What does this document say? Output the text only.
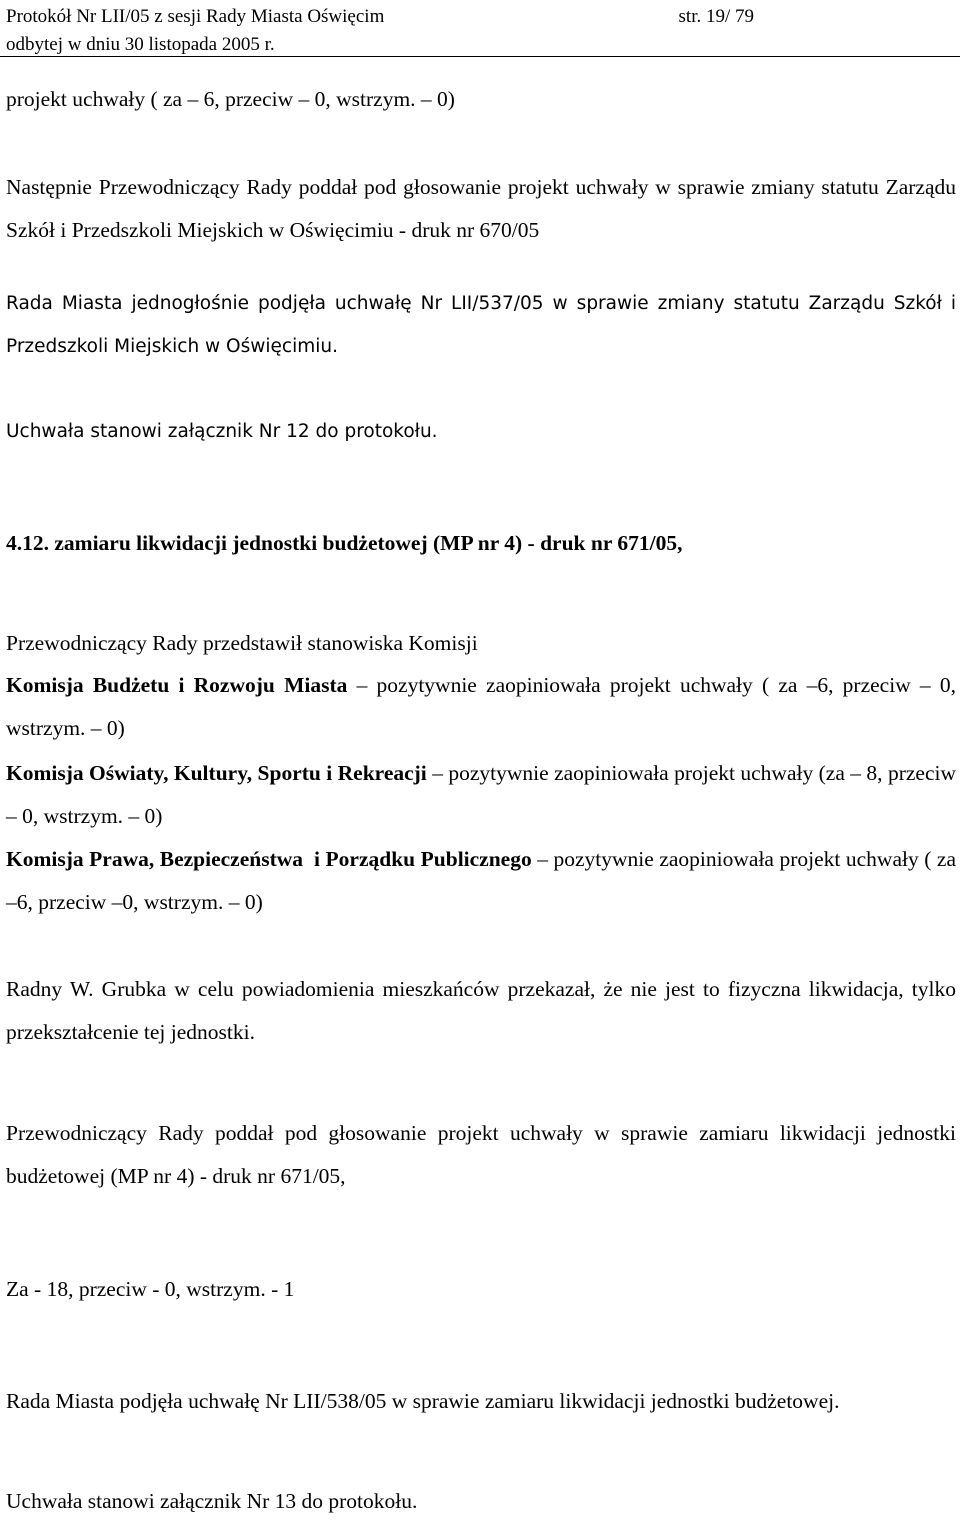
Protokół Nr LII/05 z sesji Rady Miasta Oświęcim	str. 19/ 79
odbytej w dniu 30 listopada 2005 r.
projekt uchwały ( za – 6, przeciw – 0, wstrzym. – 0)
Następnie Przewodniczący Rady poddał pod głosowanie projekt uchwały w sprawie zmiany statutu Zarządu Szkół i Przedszkoli Miejskich w Oświęcimiu - druk nr 670/05
Rada Miasta jednogłośnie podjęła uchwałę Nr LII/537/05 w sprawie zmiany statutu Zarządu Szkół i Przedszkoli Miejskich w Oświęcimiu.
Uchwała stanowi załącznik Nr 12 do protokołu.
4.12. zamiaru likwidacji jednostki budżetowej (MP nr 4) - druk nr 671/05,
Przewodniczący Rady przedstawił stanowiska Komisji
Komisja Budżetu i Rozwoju Miasta – pozytywnie zaopiniowała projekt uchwały ( za –6, przeciw – 0, wstrzym. – 0)
Komisja Oświaty, Kultury, Sportu i Rekreacji – pozytywnie zaopiniowała projekt uchwały (za – 8, przeciw – 0, wstrzym. – 0)
Komisja Prawa, Bezpieczeństwa  i Porządku Publicznego – pozytywnie zaopiniowała projekt uchwały ( za –6, przeciw –0, wstrzym. – 0)
Radny W. Grubka w celu powiadomienia mieszkańców przekazał, że nie jest to fizyczna likwidacja, tylko przekształcenie tej jednostki.
Przewodniczący Rady poddał pod głosowanie projekt uchwały w sprawie zamiaru likwidacji jednostki budżetowej (MP nr 4) - druk nr 671/05,
Za - 18, przeciw - 0, wstrzym. - 1
Rada Miasta podjęła uchwałę Nr LII/538/05 w sprawie zamiaru likwidacji jednostki budżetowej.
Uchwała stanowi załącznik Nr 13 do protokołu.
